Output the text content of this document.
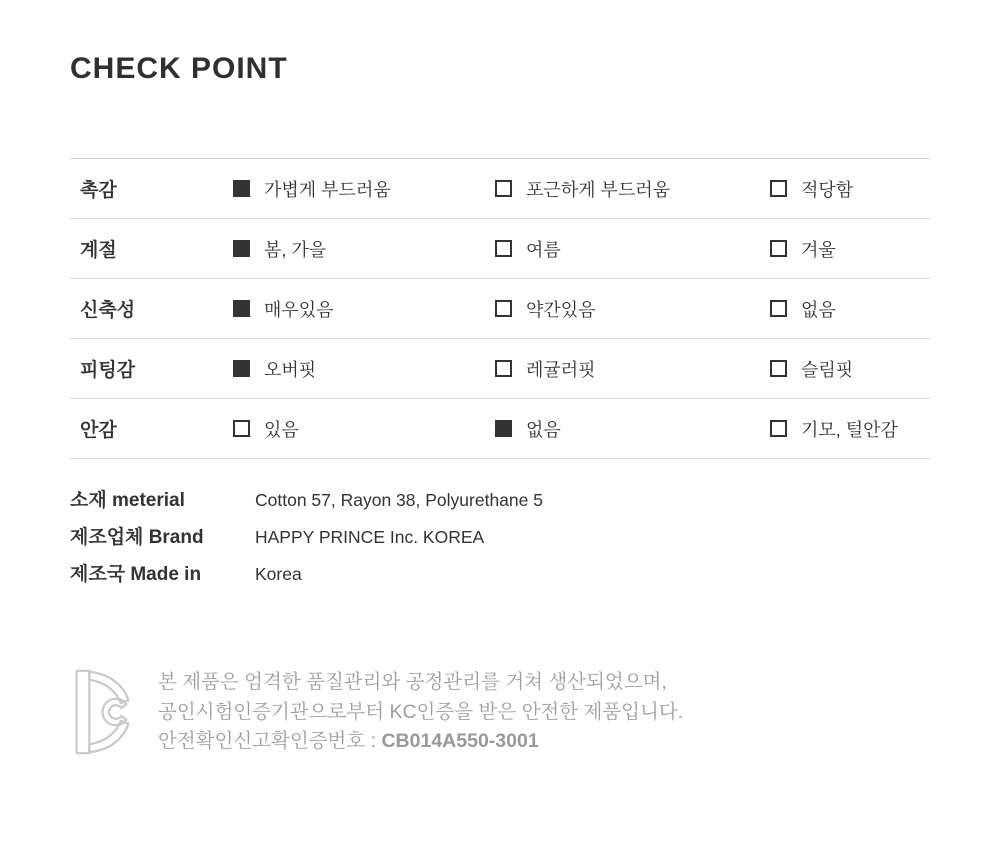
CHECK POINT
촉감	가볍게 부드러움	포근하게 부드러움	적당함
계절	봄, 가을	여름	겨울
신축성	매우있음	약간있음	없음
피팅감	오버핏	레귤러핏	슬림핏
안감	있음	없음	기모, 털안감
소재 meterial	Cotton 57, Rayon 38, Polyurethane 5
제조업체 Brand	HAPPY PRINCE Inc. KOREA
제조국 Made in	Korea
본 제품은 엄격한 품질관리와 공정관리를 거쳐 생산되었으며,
공인시험인증기관으로부터 KC인증을 받은 안전한 제품입니다.
안전확인신고확인증번호 : CB014A550-3001
